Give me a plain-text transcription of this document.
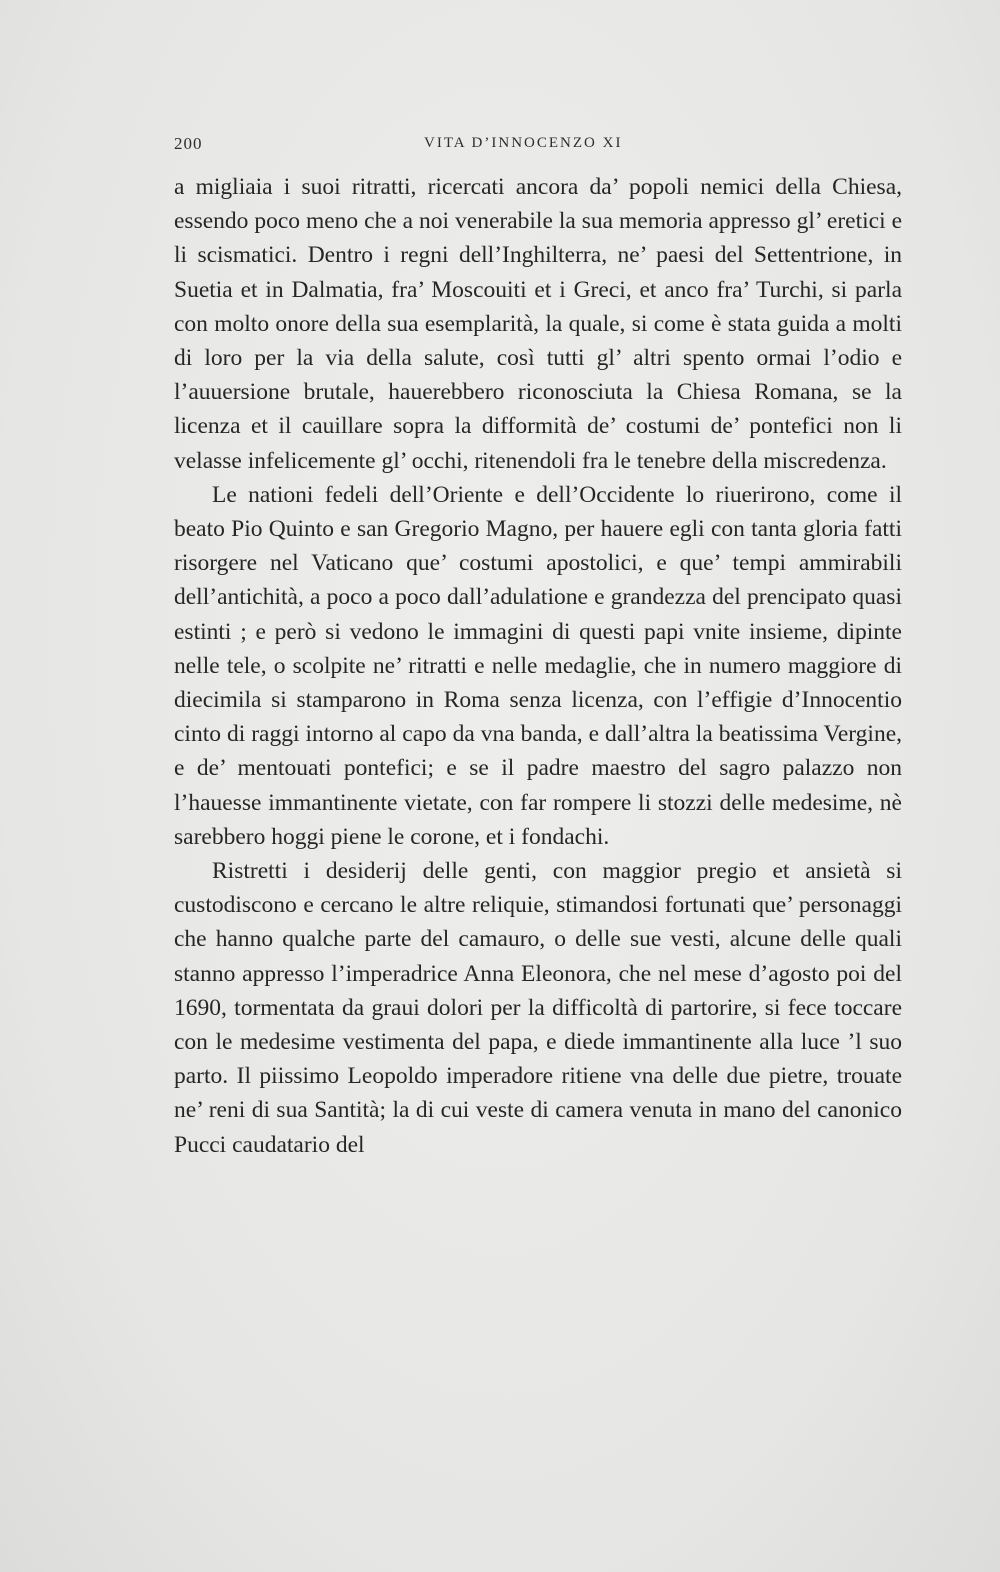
200	VITA D’INNOCENZO XI

a migliaia i suoi ritratti, ricercati ancora da’ popoli nemici della Chiesa, essendo poco meno che a noi venerabile la sua memoria appresso gl’ eretici e li scismatici. Dentro i regni dell’Inghilterra, ne’ paesi del Settentrione, in Suetia et in Dalmatia, fra’ Moscouiti et i Greci, et anco fra’ Turchi, si parla con molto onore della sua esemplarità, la quale, si come è stata guida a molti di loro per la via della salute, così tutti gl’ altri spento ormai l’odio e l’auuersione brutale, hauerebbero riconosciuta la Chiesa Romana, se la licenza et il cauillare sopra la difformità de’ costumi de’ pontefici non li velasse infelicemente gl’ occhi, ritenendoli fra le tenebre della miscredenza.

Le nationi fedeli dell’Oriente e dell’Occidente lo riuerirono, come il beato Pio Quinto e san Gregorio Magno, per hauere egli con tanta gloria fatti risorgere nel Vaticano que’ costumi apostolici, e que’ tempi ammirabili dell’antichità, a poco a poco dall’adulatione e grandezza del prencipato quasi estinti ; e però si vedono le immagini di questi papi vnite insieme, dipinte nelle tele, o scolpite ne’ ritratti e nelle medaglie, che in numero maggiore di diecimila si stamparono in Roma senza licenza, con l’effigie d’Innocentio cinto di raggi intorno al capo da vna banda, e dall’altra la beatissima Vergine, e de’ mentouati pontefici; e se il padre maestro del sagro palazzo non l’hauesse immantinente vietate, con far rompere li stozzi delle medesime, nè sarebbero hoggi piene le corone, et i fondachi.

Ristretti i desiderij delle genti, con maggior pregio et ansietà si custodiscono e cercano le altre reliquie, stimandosi fortunati que’ personaggi che hanno qualche parte del camauro, o delle sue vesti, alcune delle quali stanno appresso l’imperadrice Anna Eleonora, che nel mese d’agosto poi del 1690, tormentata da graui dolori per la difficoltà di partorire, si fece toccare con le medesime vestimenta del papa, e diede immantinente alla luce ’l suo parto. Il piissimo Leopoldo imperadore ritiene vna delle due pietre, trouate ne’ reni di sua Santità; la di cui veste di camera venuta in mano del canonico Pucci caudatario del
